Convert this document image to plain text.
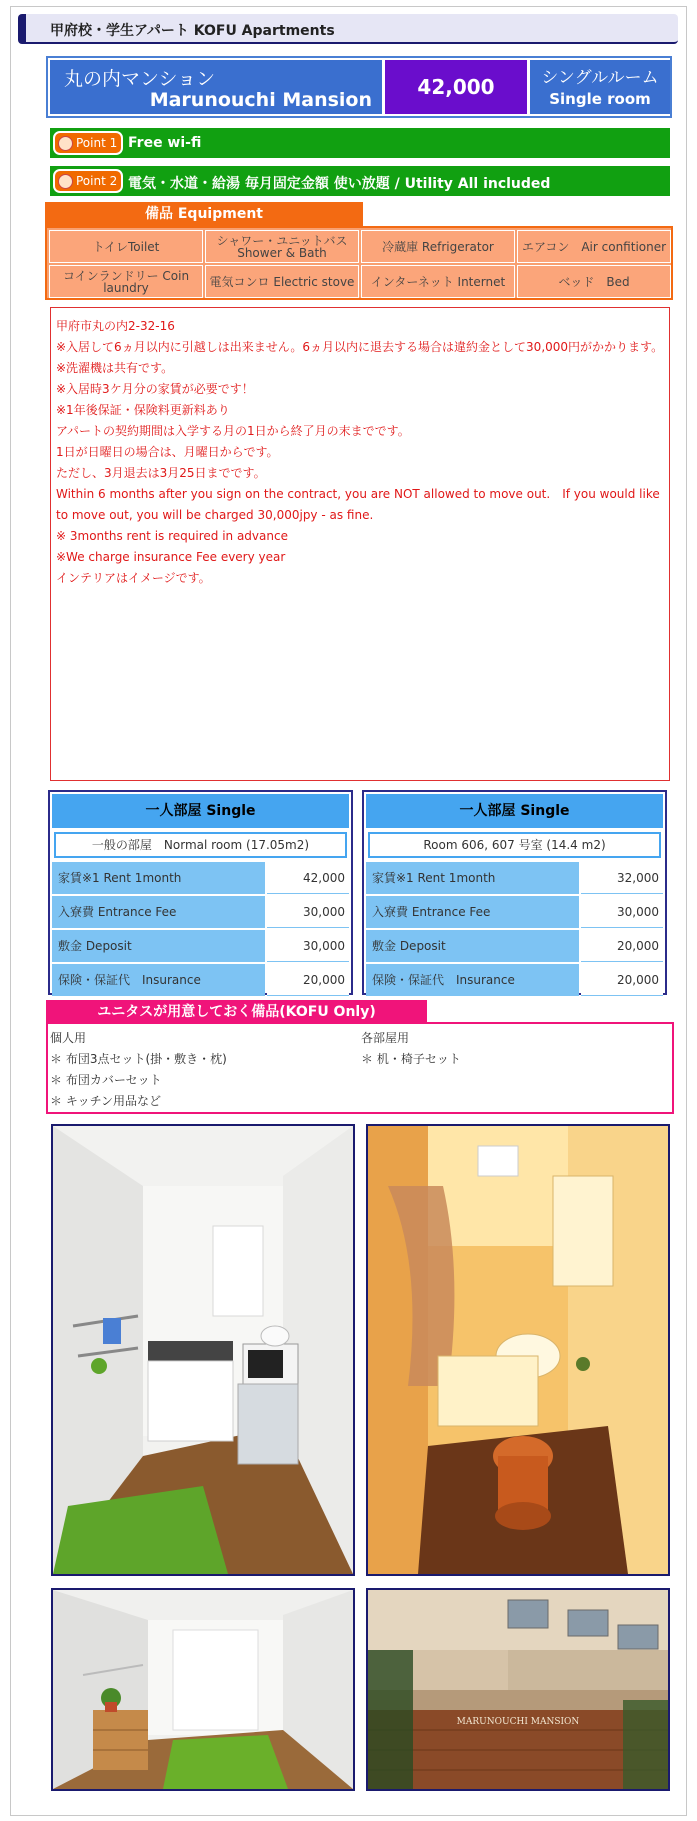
甲府校・学生アパート KOFU Apartments
丸の内マンション
Marunouchi Mansion
42,000	シングルルーム
Single room
Point 1 Free wi-fi
Point 2 電気・水道・給湯 毎月固定金額 使い放題 / Utility All included
備品 Equipment
トイレToilet	シャワー・ユニットバス Shower & Bath	冷蔵庫 Refrigerator	エアコン　Air confitioner
コインランドリー Coin laundry	電気コンロ Electric stove	インターネット Internet	ベッド　Bed

甲府市丸の内2-32-16

※入居して6ヵ月以内に引越しは出来ません。6ヵ月以内に退去する場合は違約金として30,000円がかかります。

※洗濯機は共有です。

※入居時3ケ月分の家賃が必要です！

※1年後保証・保険料更新料あり

アパートの契約期間は入学する月の1日から終了月の末までです。

1日が日曜日の場合は、月曜日からです。

ただし、3月退去は3月25日までです。

Within 6 months after you sign on the contract, you are NOT allowed to move out.　If you would like to move out, you will be charged 30,000jpy - as fine.

※ 3months rent is required in advance

※We charge insurance Fee every year

インテリアはイメージです。

一人部屋 Single
一般の部屋　Normal room (17.05m2)
家賃※1 Rent 1month	42,000
入寮費 Entrance Fee	30,000
敷金 Deposit	30,000
保険・保証代　Insurance	20,000
一人部屋 Single
Room 606, 607 号室 (14.4 m2)
家賃※1 Rent 1month	32,000
入寮費 Entrance Fee	30,000
敷金 Deposit	20,000
保険・保証代　Insurance	20,000
ユニタスが用意しておく備品(KOFU Only)
個人用
＊ 布団3点セット(掛・敷き・枕)
＊ 布団カバーセット
＊ キッチン用品など
各部屋用
＊ 机・椅子セット
MARUNOUCHI MANSION
